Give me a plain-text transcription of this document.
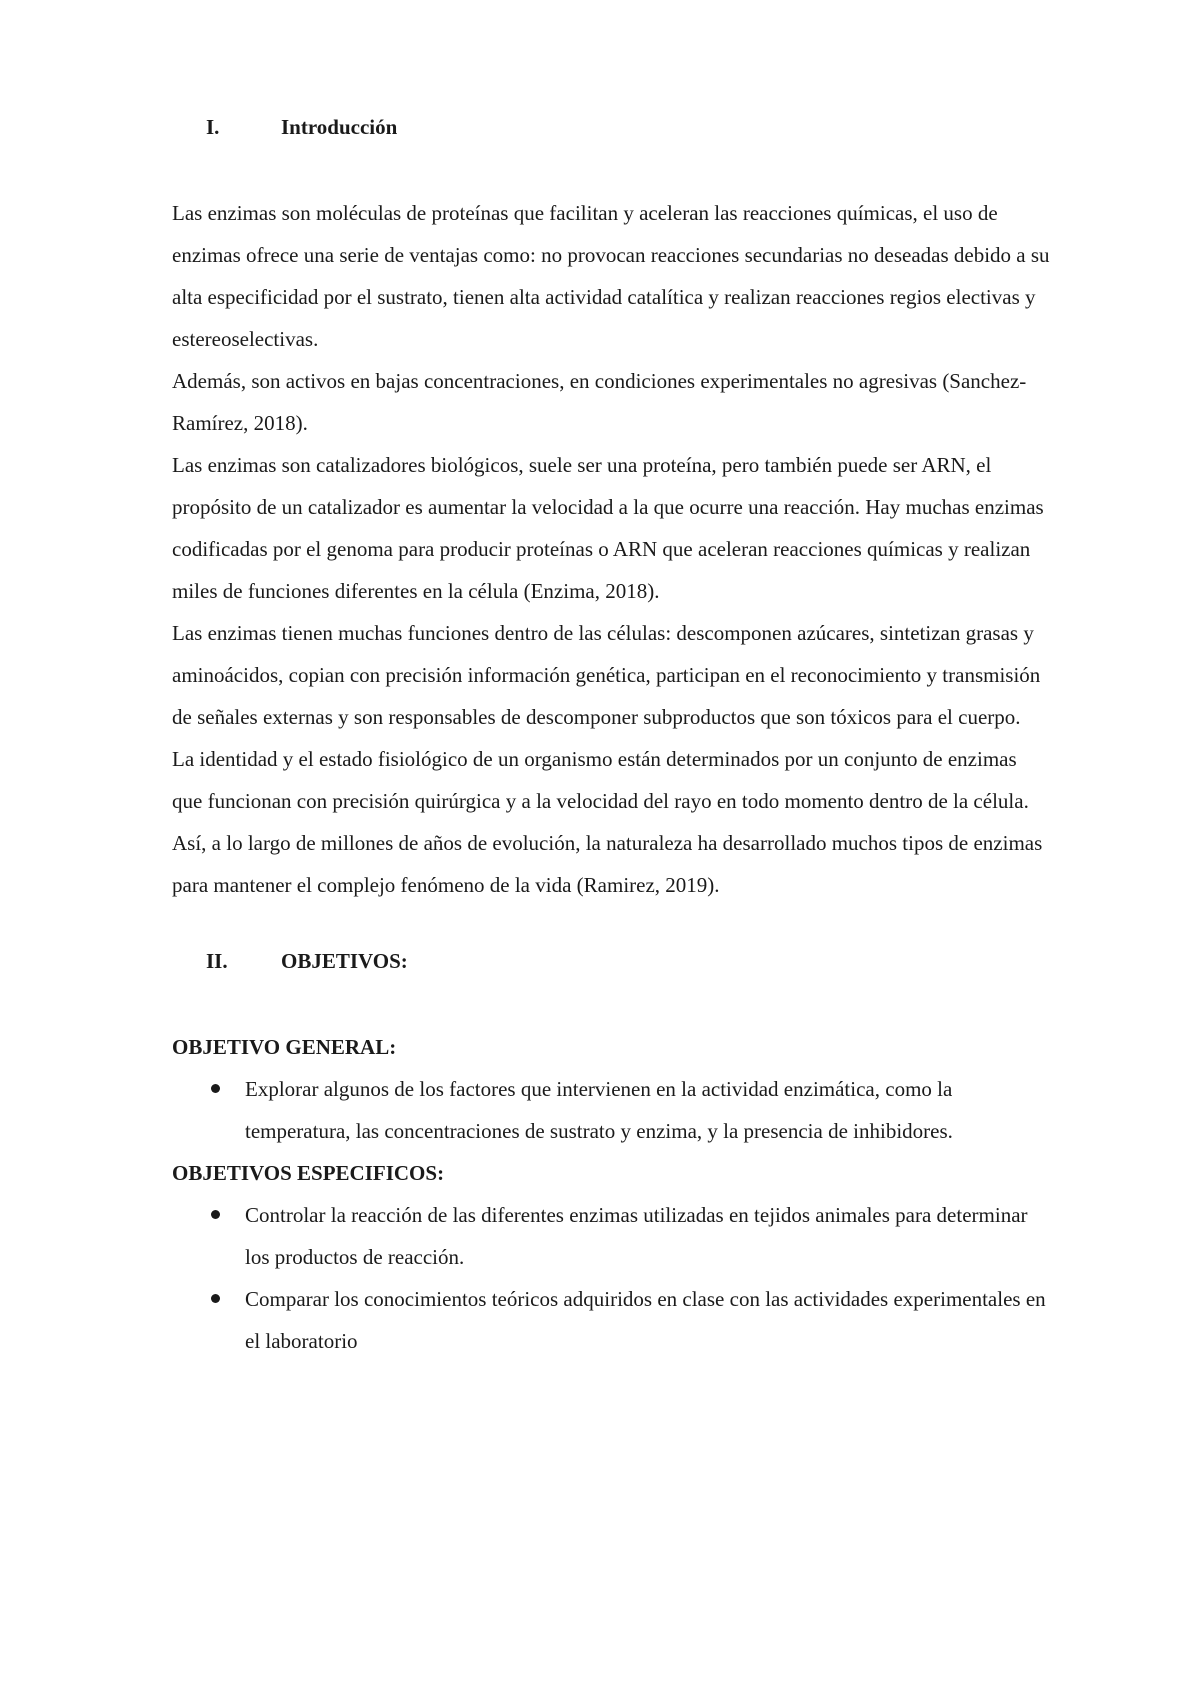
I.	Introducción

Las enzimas son moléculas de proteínas que facilitan y aceleran las reacciones químicas, el uso de enzimas ofrece una serie de ventajas como: no provocan reacciones secundarias no deseadas debido a su alta especificidad por el sustrato, tienen alta actividad catalítica y realizan reacciones regios electivas y estereoselectivas.

Además, son activos en bajas concentraciones, en condiciones experimentales no agresivas (Sanchez- Ramírez, 2018).

Las enzimas son catalizadores biológicos, suele ser una proteína, pero también puede ser ARN, el propósito de un catalizador es aumentar la velocidad a la que ocurre una reacción. Hay muchas enzimas codificadas por el genoma para producir proteínas o ARN que aceleran reacciones químicas y realizan miles de funciones diferentes en la célula (Enzima, 2018).

Las enzimas tienen muchas funciones dentro de las células: descomponen azúcares, sintetizan grasas y aminoácidos, copian con precisión información genética, participan en el reconocimiento y transmisión de señales externas y son responsables de descomponer subproductos que son tóxicos para el cuerpo.

La identidad y el estado fisiológico de un organismo están determinados por un conjunto de enzimas que funcionan con precisión quirúrgica y a la velocidad del rayo en todo momento dentro de la célula.

Así, a lo largo de millones de años de evolución, la naturaleza ha desarrollado muchos tipos de enzimas para mantener el complejo fenómeno de la vida (Ramirez, 2019).

II.	OBJETIVOS:
OBJETIVO GENERAL:
Explorar algunos de los factores que intervienen en la actividad enzimática, como la temperatura, las concentraciones de sustrato y enzima, y la presencia de inhibidores.
OBJETIVOS ESPECIFICOS:
Controlar la reacción de las diferentes enzimas utilizadas en tejidos animales para determinar los productos de reacción.
Comparar los conocimientos teóricos adquiridos en clase con las actividades experimentales en el laboratorio
